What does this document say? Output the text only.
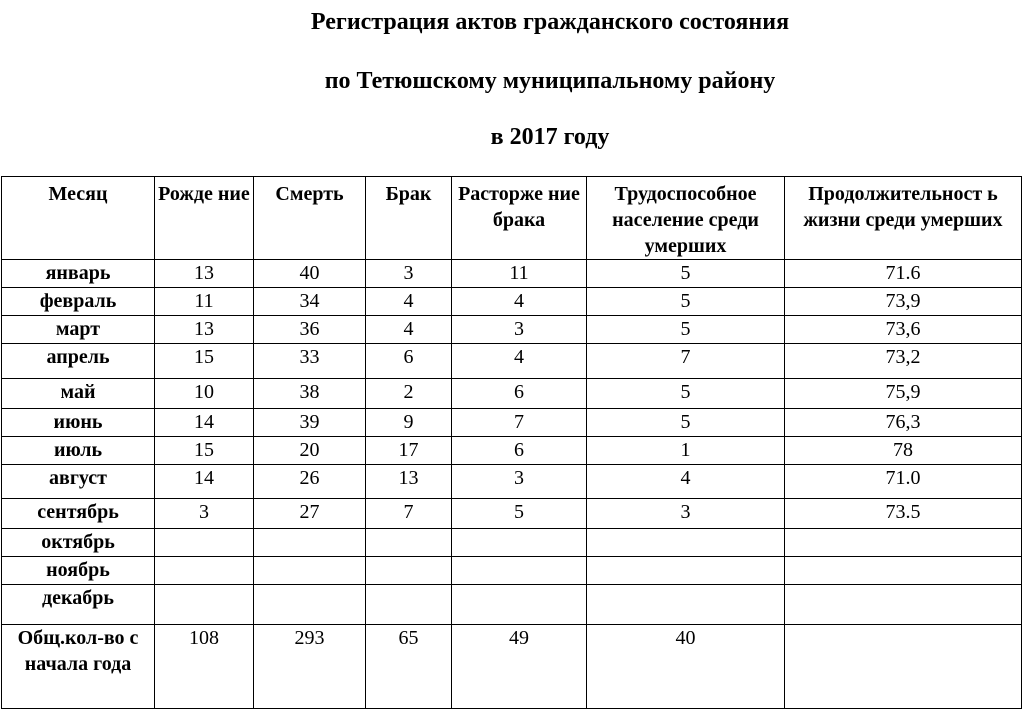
Регистрация актов гражданского состояния
по Тетюшскому муниципальному району
в 2017 году
Месяц	Рожде ние	Смерть	Брак	Расторже ние брака	Трудоспособное население среди умерших	Продолжительност ь жизни среди умерших
январь	13	40	3	11	5	71.6
февраль	11	34	4	4	5	73,9
март	13	36	4	3	5	73,6
апрель	15	33	6	4	7	73,2
май	10	38	2	6	5	75,9
июнь	14	39	9	7	5	76,3
июль	15	20	17	6	1	78
август	14	26	13	3	4	71.0
сентябрь	3	27	7	5	3	73.5
октябрь						
ноябрь						
декабрь						
Общ.кол-во с начала года	108	293	65	49	40	
